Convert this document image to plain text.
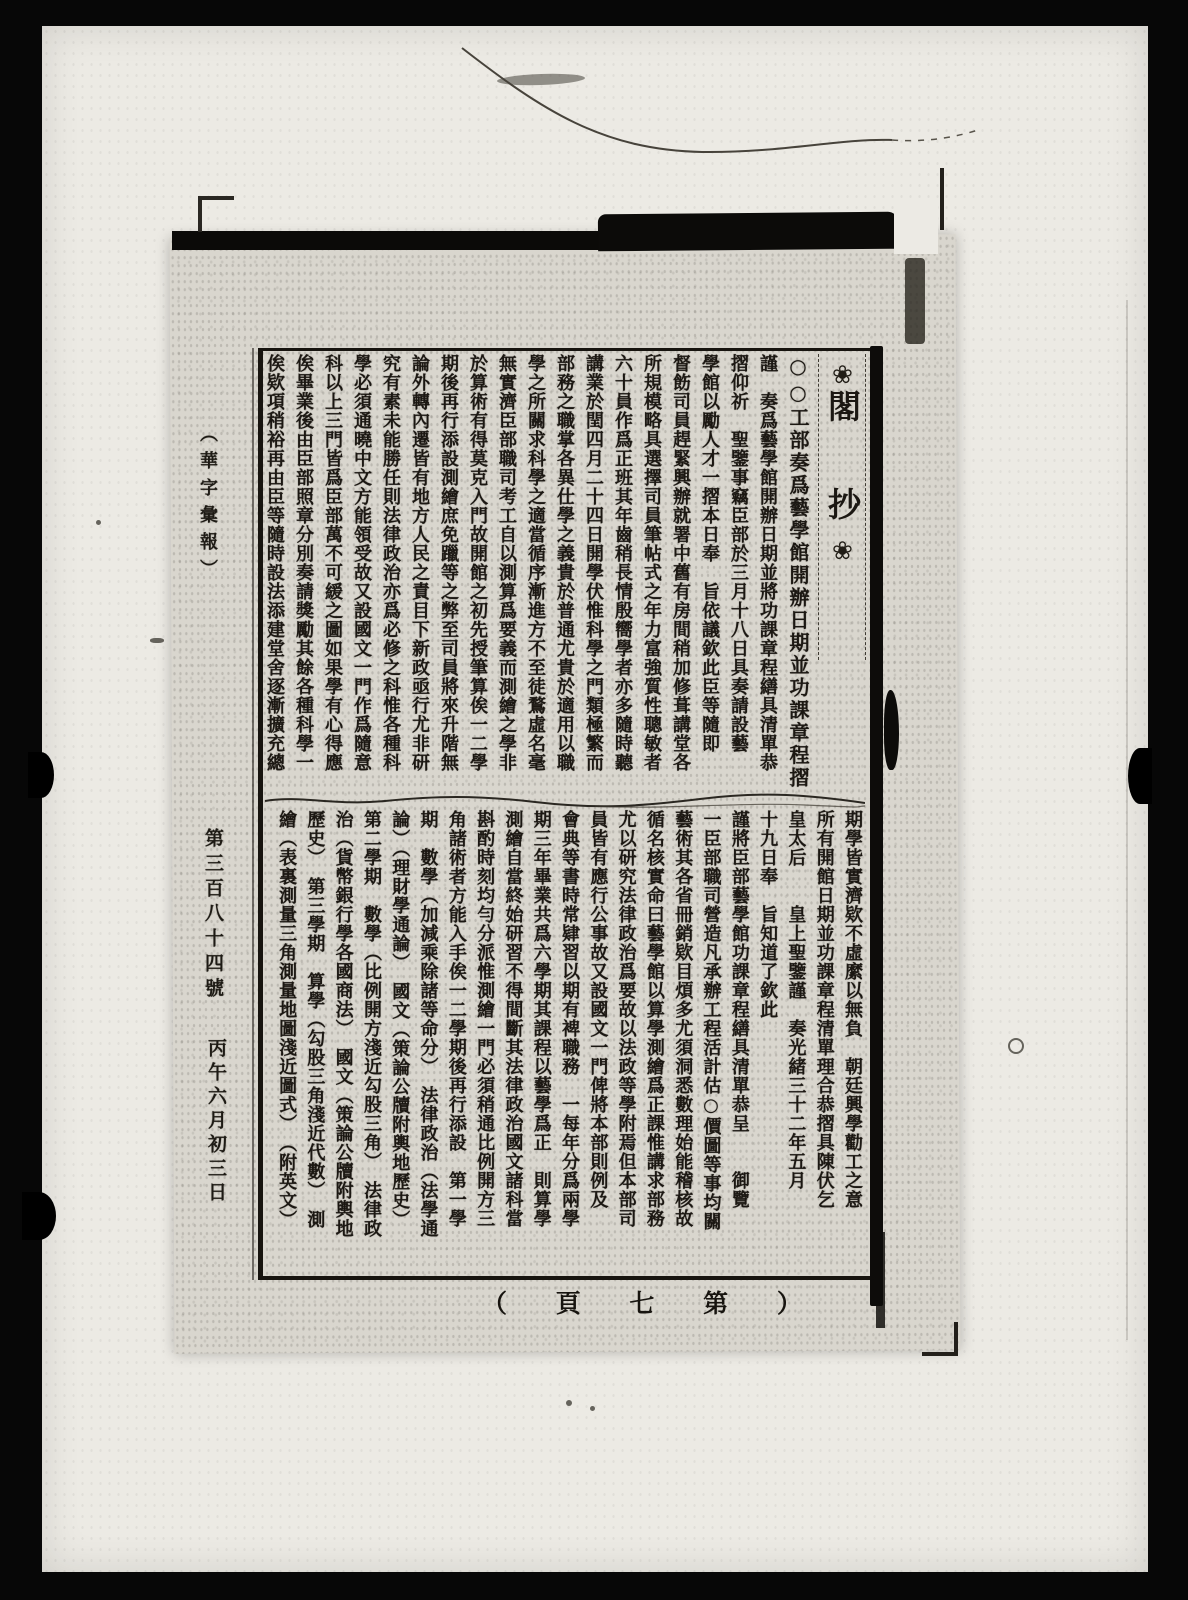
（華字彙報）
第三百八十四號
丙午六月初三日
❀閣　抄❀
○○工部奏爲藝學館開辦日期並功課章程摺
謹　奏爲藝學館開辦日期並將功課章程繕具清單恭
摺仰祈　聖鑒事竊臣部於三月十八日具奏請設藝
學館以勵人才一摺本日奉　旨依議欽此臣等隨即
督飭司員趕緊興辦就署中舊有房間稍加修葺講堂各
所規模略具選擇司員筆帖式之年力富強質性聰敏者
六十員作爲正班其年齒稍長情殷嚮學者亦多隨時聽
講業於閏四月二十四日開學伏惟科學之門類極繁而
部務之職掌各異仕學之義貴於普通尤貴於適用以職
學之所關求科學之適當循序漸進方不至徒鶩虛名毫
無實濟臣部職司考工自以測算爲要義而測繪之學非
於算術有得莫克入門故開館之初先授筆算俟一二學
期後再行添設測繪庶免躐等之弊至司員將來升階無
論外轉內遷皆有地方人民之責目下新政亟行尤非研
究有素未能勝任則法律政治亦爲必修之科惟各種科
學必須通曉中文方能領受故又設國文一門作爲隨意
科以上三門皆爲臣部萬不可緩之圖如果學有心得應
俟畢業後由臣部照章分別奏請獎勵其餘各種科學一
俟欵項稍裕再由臣等隨時設法添建堂舍逐漸擴充總
期學皆實濟欵不虛縻以無負　朝廷興學勸工之意
所有開館日期並功課章程清單理合恭摺具陳伏乞
皇太后　　皇上聖鑒謹　奏光緒三十二年五月
十九日奉　旨知道了欽此
謹將臣部藝學館功課章程繕具清單恭呈　　御覽
一臣部職司營造凡承辦工程活計估○價圖等事均關
藝術其各省冊銷欵目煩多尤須洞悉數理始能稽核故
循名核實命曰藝學館以算學測繪爲正課惟講求部務
尤以研究法律政治爲要故以法政等學附焉但本部司
員皆有應行公事故又設國文一門俾將本部則例及
會典等書時常肄習以期有裨職務　一每年分爲兩學
期三年畢業共爲六學期其課程以藝學爲正　則算學
測繪自當終始研習不得間斷其法律政治國文諸科當
斟酌時刻均勻分派惟測繪一門必須稍通比例開方三
角諸術者方能入手俟一二學期後再行添設　第一學
期　數學（加減乘除諸等命分）　法律政治（法學通
論）（理財學通論）　國文（策論公牘附輿地歷史）
第二學期　數學（比例開方淺近勾股三角）　法律政
治（貨幣銀行學各國商法）　國文（策論公牘附輿地
歷史）　第三學期　算學（勾股三角淺近代數）　測
繪（表裏測量三角測量地圖淺近圖式）　（附英文）
（ 頁 七 第 ）
